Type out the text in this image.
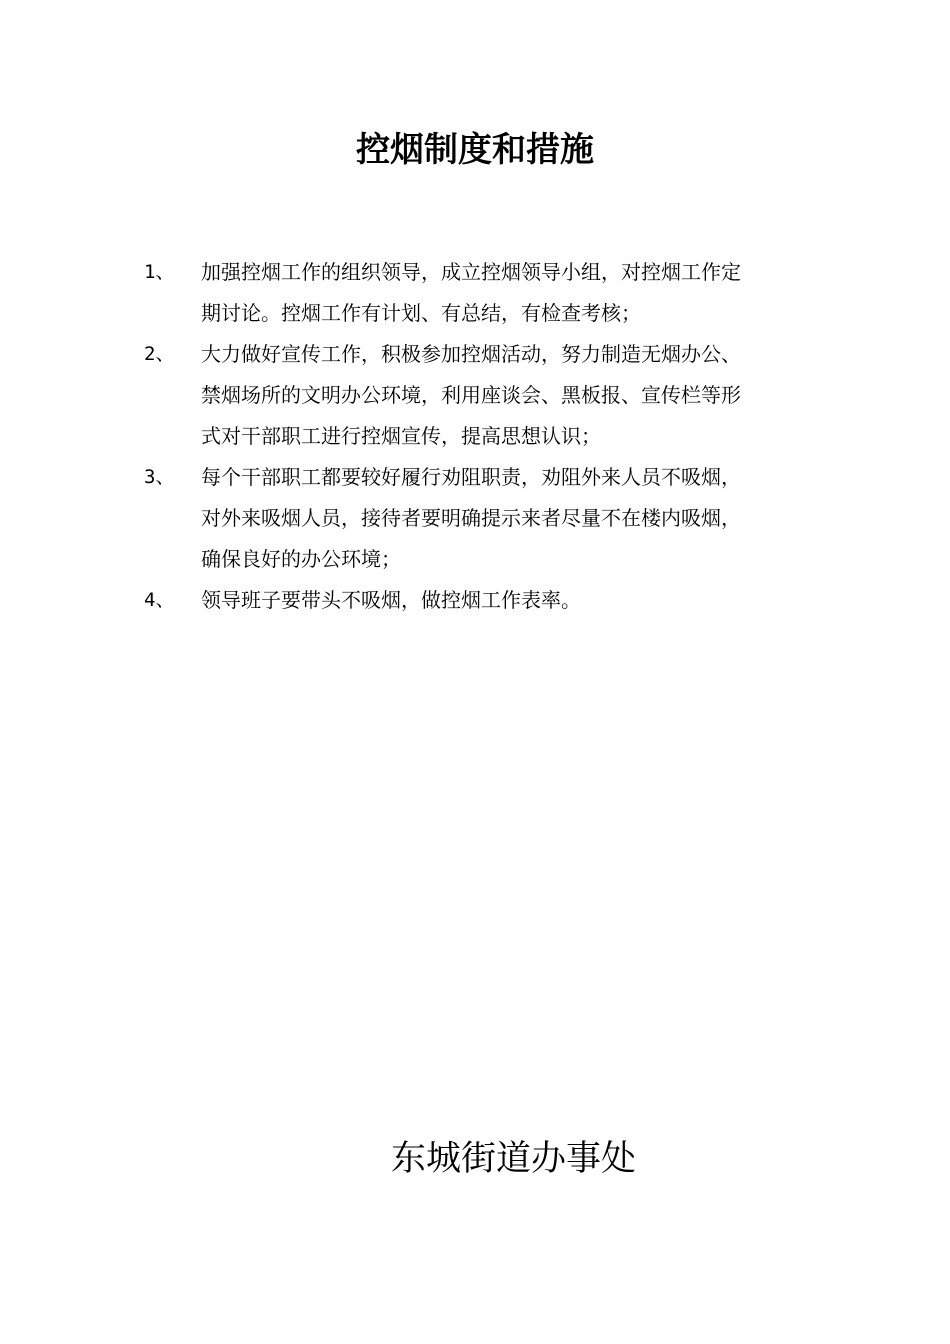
控烟制度和措施
1、	加强控烟工作的组织领导，成立控烟领导小组，对控烟工作定
期讨论。控烟工作有计划、有总结，有检查考核；
2、	大力做好宣传工作，积极参加控烟活动，努力制造无烟办公、
禁烟场所的文明办公环境，利用座谈会、黑板报、宣传栏等形
式对干部职工进行控烟宣传，提高思想认识；
3、	每个干部职工都要较好履行劝阻职责，劝阻外来人员不吸烟，
对外来吸烟人员，接待者要明确提示来者尽量不在楼内吸烟，
确保良好的办公环境；
4、	领导班子要带头不吸烟，做控烟工作表率。
东城街道办事处
